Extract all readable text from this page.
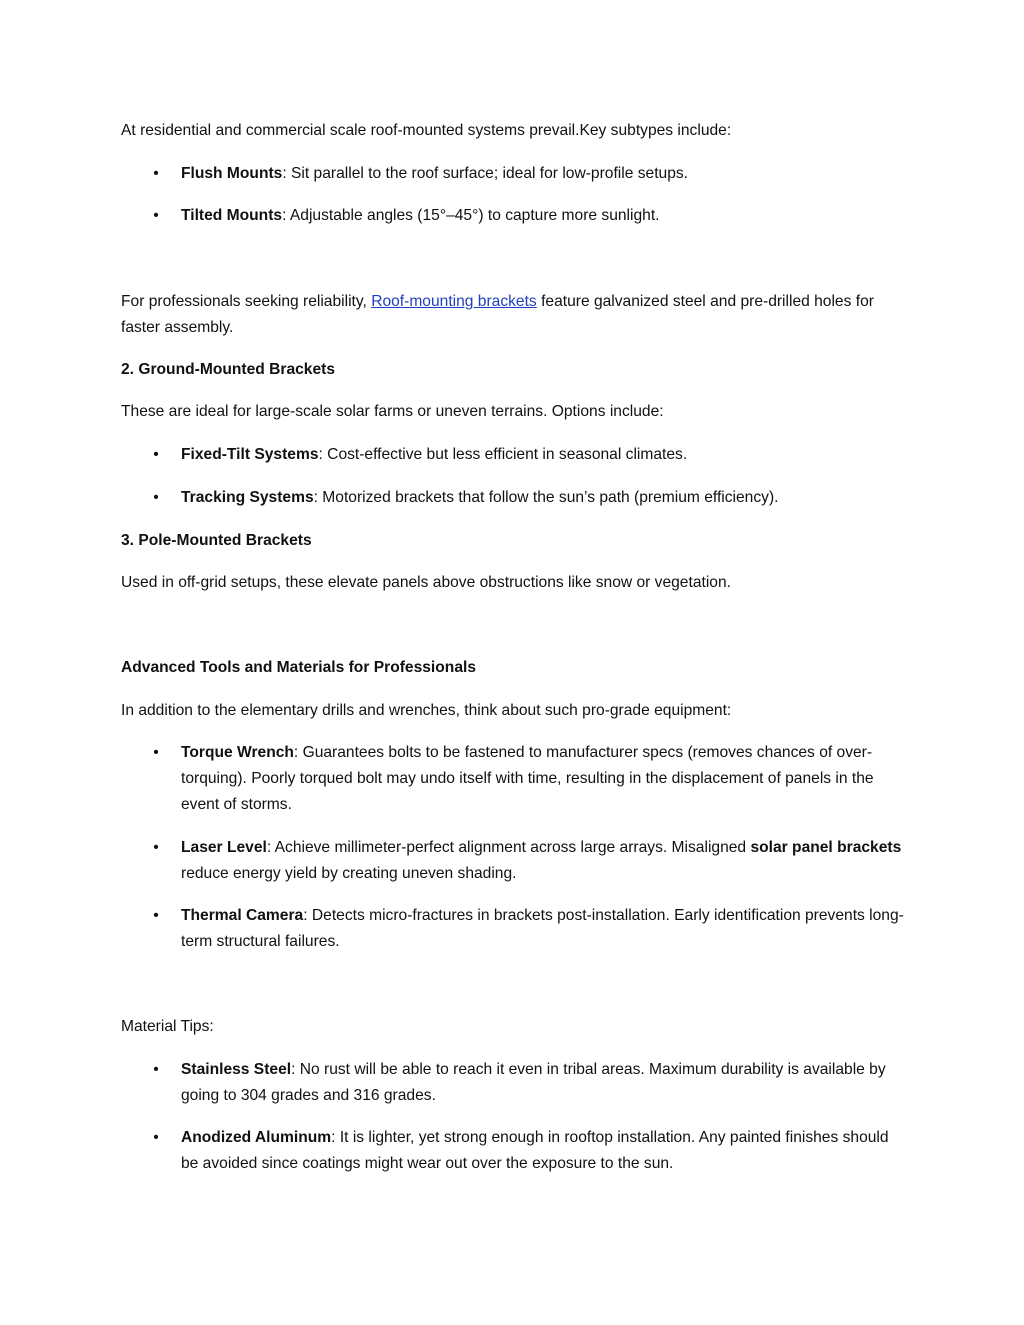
At residential and commercial scale roof-mounted systems prevail.Key subtypes include:

• Flush Mounts: Sit parallel to the roof surface; ideal for low-profile setups.
• Tilted Mounts: Adjustable angles (15°–45°) to capture more sunlight.

For professionals seeking reliability, Roof-mounting brackets feature galvanized steel and pre-drilled holes for faster assembly.

2. Ground-Mounted Brackets

These are ideal for large-scale solar farms or uneven terrains. Options include:

• Fixed-Tilt Systems: Cost-effective but less efficient in seasonal climates.
• Tracking Systems: Motorized brackets that follow the sun’s path (premium efficiency).

3. Pole-Mounted Brackets

Used in off-grid setups, these elevate panels above obstructions like snow or vegetation.

Advanced Tools and Materials for Professionals

In addition to the elementary drills and wrenches, think about such pro-grade equipment:

• Torque Wrench: Guarantees bolts to be fastened to manufacturer specs (removes chances of over-torquing). Poorly torqued bolt may undo itself with time, resulting in the displacement of panels in the event of storms.
• Laser Level: Achieve millimeter-perfect alignment across large arrays. Misaligned solar panel brackets reduce energy yield by creating uneven shading.
• Thermal Camera: Detects micro-fractures in brackets post-installation. Early identification prevents long-term structural failures.

Material Tips:

• Stainless Steel: No rust will be able to reach it even in tribal areas. Maximum durability is available by going to 304 grades and 316 grades.
• Anodized Aluminum: It is lighter, yet strong enough in rooftop installation. Any painted finishes should be avoided since coatings might wear out over the exposure to the sun.
